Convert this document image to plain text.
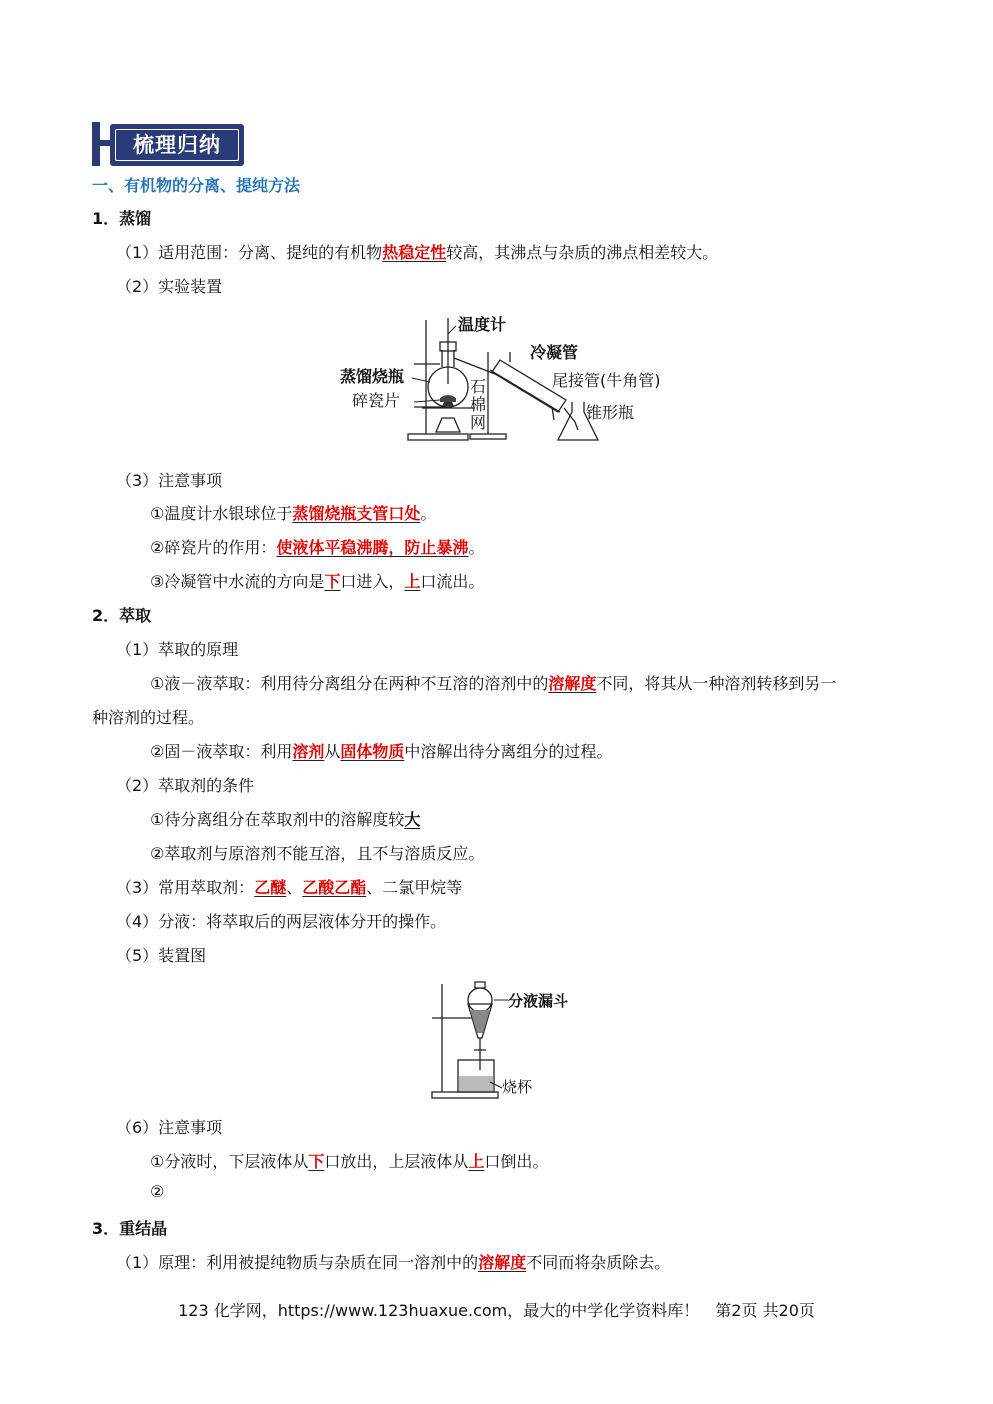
梳理归纳
一、有机物的分离、提纯方法
1．蒸馏
（1）适用范围：分离、提纯的有机物热稳定性较高，其沸点与杂质的沸点相差较大。
（2）实验装置
温度计
冷凝管
蒸馏烧瓶
碎瓷片
石
棉
网
尾接管(牛角管)
锥形瓶
（3）注意事项
①温度计水银球位于蒸馏烧瓶支管口处。
②碎瓷片的作用：使液体平稳沸腾，防止暴沸。
③冷凝管中水流的方向是下口进入，上口流出。
2．萃取
（1）萃取的原理
①液－液萃取：利用待分离组分在两种不互溶的溶剂中的溶解度不同，将其从一种溶剂转移到另一
种溶剂的过程。
②固－液萃取：利用溶剂从固体物质中溶解出待分离组分的过程。
（2）萃取剂的条件
①待分离组分在萃取剂中的溶解度较大
②萃取剂与原溶剂不能互溶，且不与溶质反应。
（3）常用萃取剂：乙醚、乙酸乙酯、二氯甲烷等
（4）分液：将萃取后的两层液体分开的操作。
（5）装置图
分液漏斗
烧杯
（6）注意事项
①分液时，下层液体从下口放出，上层液体从上口倒出。
②
3．重结晶
（1）原理：利用被提纯物质与杂质在同一溶剂中的溶解度不同而将杂质除去。
123 化学网，https://www.123huaxue.com，最大的中学化学资料库！　第2页 共20页
